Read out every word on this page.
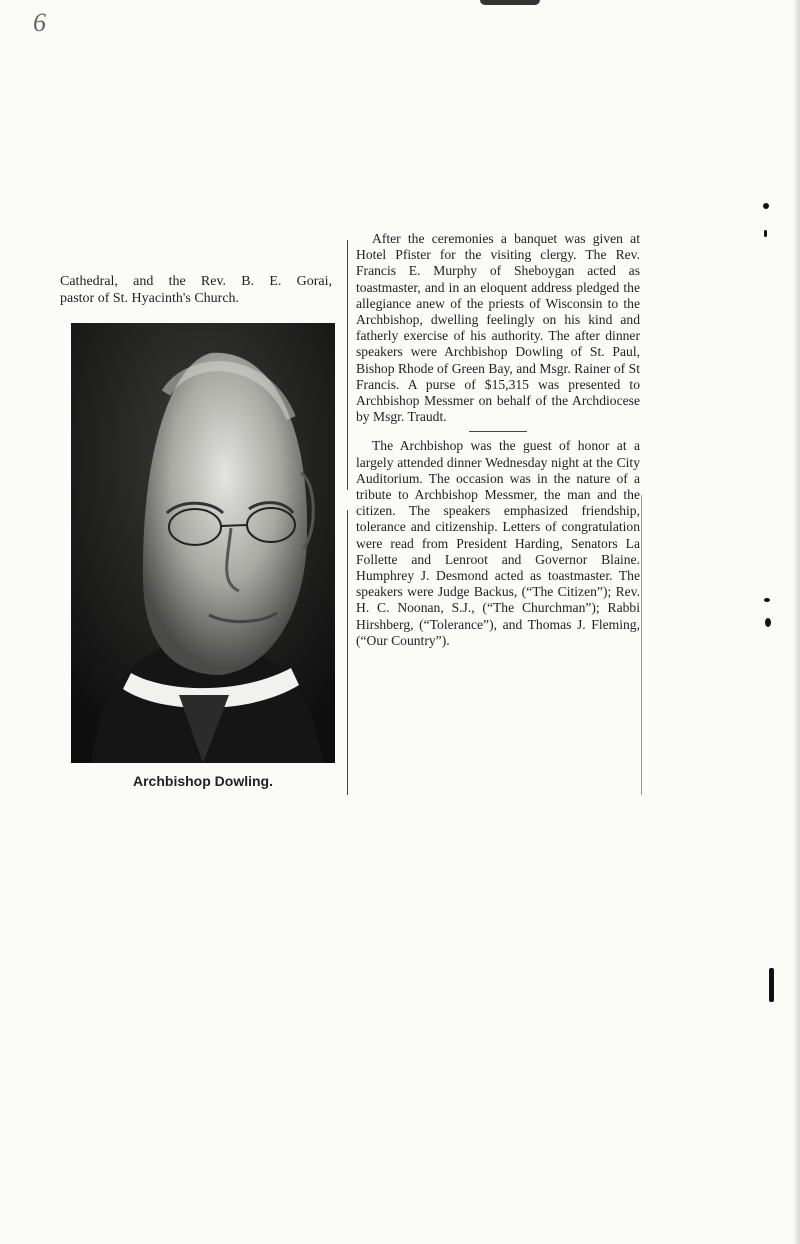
6
Cathedral, and the Rev. B. E. Gorai,
pastor of St. Hyacinth's Church.
Archbishop Dowling.

After the ceremonies a banquet was given at Hotel Pfister for the visiting clergy. The Rev. Francis E. Murphy of Sheboygan acted as toastmaster, and in an eloquent address pledged the allegiance anew of the priests of Wisconsin to the Archbishop, dwelling feelingly on his kind and fatherly exercise of his authority. The after dinner speakers were Archbishop Dowling of St. Paul, Bishop Rhode of Green Bay, and Msgr. Rainer of St Francis. A purse of $15,315 was presented to Archbishop Messmer on behalf of the Archdiocese by Msgr. Traudt.

The Archbishop was the guest of honor at a largely attended dinner Wednesday night at the City Auditorium. The occasion was in the nature of a tribute to Archbishop Messmer, the man and the citizen. The speakers emphasized friendship, tolerance and citizenship. Letters of congratulation were read from President Harding, Senators La Follette and Lenroot and Governor Blaine. Humphrey J. Desmond acted as toastmaster. The speakers were Judge Backus, (“The Citizen”); Rev. H. C. Noonan, S.J., (“The Churchman”); Rabbi Hirshberg, (“Tolerance”), and Thomas J. Fleming, (“Our Country”).
